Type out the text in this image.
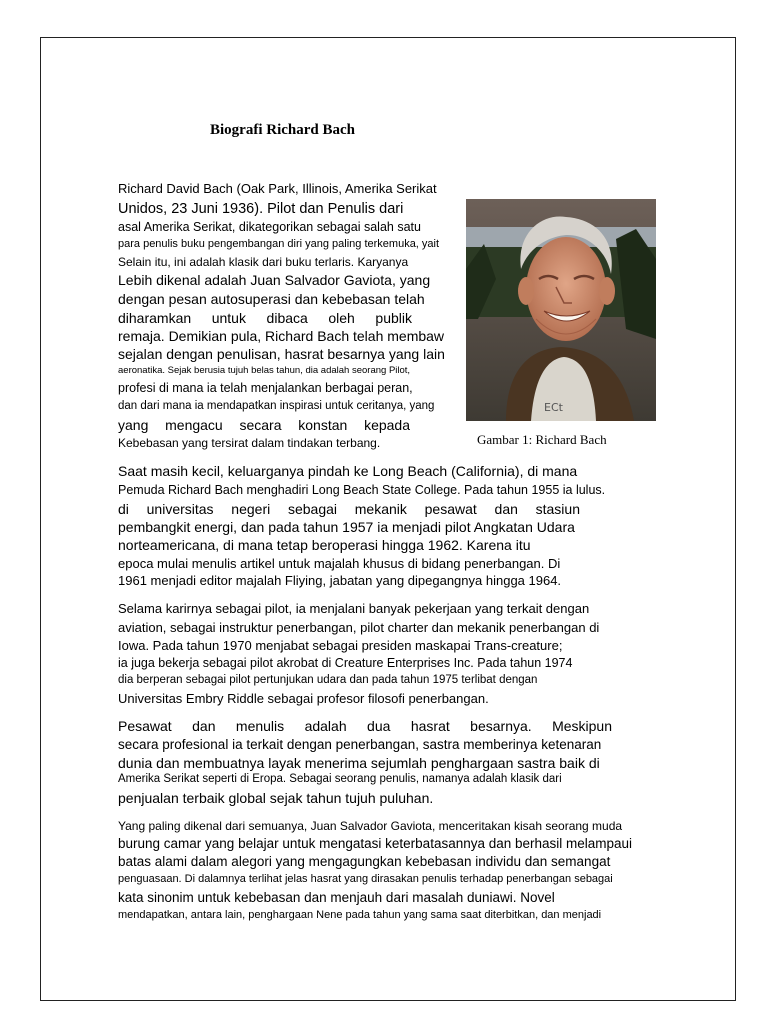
Biografi Richard Bach
Richard David Bach (Oak Park, Illinois, Amerika Serikat
Unidos, 23 Juni 1936). Pilot dan Penulis dari
asal Amerika Serikat, dikategorikan sebagai salah satu
para penulis buku pengembangan diri yang paling terkemuka, yait
Selain itu, ini adalah klasik dari buku terlaris. Karyanya
Lebih dikenal adalah Juan Salvador Gaviota, yang
dengan pesan autosuperasi dan kebebasan telah
diharamkan untuk dibaca oleh publik
remaja. Demikian pula, Richard Bach telah membaw
sejalan dengan penulisan, hasrat besarnya yang lain
aeronatika. Sejak berusia tujuh belas tahun, dia adalah seorang Pilot,
profesi di mana ia telah menjalankan berbagai peran,
dan dari mana ia mendapatkan inspirasi untuk ceritanya, yang
yang mengacu secara konstan kepada
Kebebasan yang tersirat dalam tindakan terbang.
ECt
Gambar 1: Richard Bach
Saat masih kecil, keluarganya pindah ke Long Beach (California), di mana
Pemuda Richard Bach menghadiri Long Beach State College. Pada tahun 1955 ia lulus.
di universitas negeri sebagai mekanik pesawat dan stasiun
pembangkit energi, dan pada tahun 1957 ia menjadi pilot Angkatan Udara
norteamericana, di mana tetap beroperasi hingga 1962. Karena itu
epoca mulai menulis artikel untuk majalah khusus di bidang penerbangan. Di
1961 menjadi editor majalah Fliying, jabatan yang dipegangnya hingga 1964.
Selama karirnya sebagai pilot, ia menjalani banyak pekerjaan yang terkait dengan
aviation, sebagai instruktur penerbangan, pilot charter dan mekanik penerbangan di
Iowa. Pada tahun 1970 menjabat sebagai presiden maskapai Trans-creature;
ia juga bekerja sebagai pilot akrobat di Creature Enterprises Inc. Pada tahun 1974
dia berperan sebagai pilot pertunjukan udara dan pada tahun 1975 terlibat dengan
Universitas Embry Riddle sebagai profesor filosofi penerbangan.
Pesawat dan menulis adalah dua hasrat besarnya. Meskipun
secara profesional ia terkait dengan penerbangan, sastra memberinya ketenaran
dunia dan membuatnya layak menerima sejumlah penghargaan sastra baik di
Amerika Serikat seperti di Eropa. Sebagai seorang penulis, namanya adalah klasik dari
penjualan terbaik global sejak tahun tujuh puluhan.
Yang paling dikenal dari semuanya, Juan Salvador Gaviota, menceritakan kisah seorang muda
burung camar yang belajar untuk mengatasi keterbatasannya dan berhasil melampaui
batas alami dalam alegori yang mengagungkan kebebasan individu dan semangat
penguasaan. Di dalamnya terlihat jelas hasrat yang dirasakan penulis terhadap penerbangan sebagai
kata sinonim untuk kebebasan dan menjauh dari masalah duniawi. Novel
mendapatkan, antara lain, penghargaan Nene pada tahun yang sama saat diterbitkan, dan menjadi
